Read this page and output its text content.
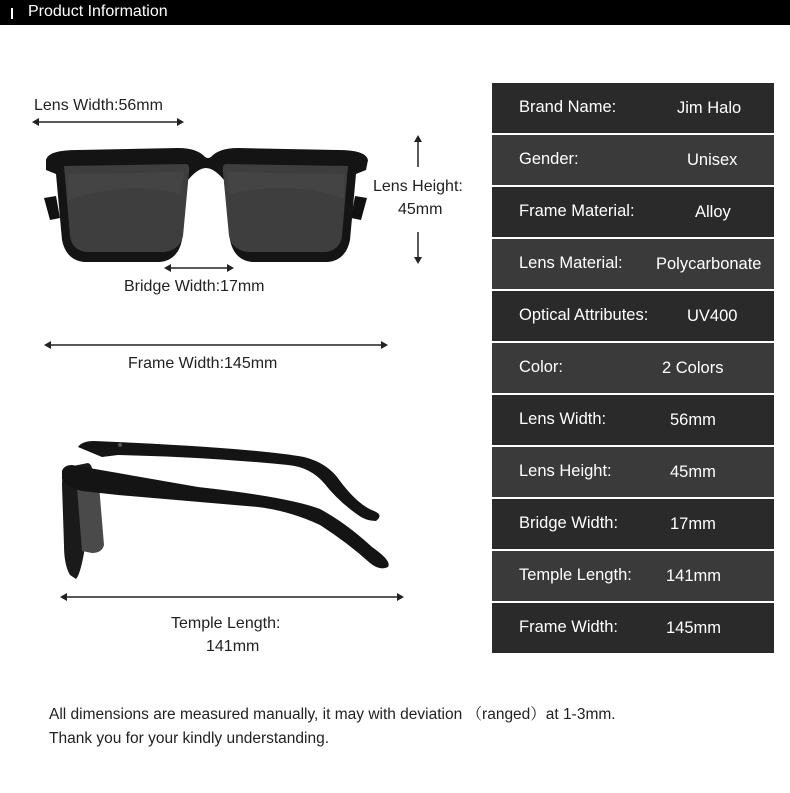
Product Information
Lens Width:56mm
Lens Height:
45mm
Bridge Width:17mm
Frame Width:145mm
Temple Length:
141mm
Brand Name:	Jim Halo
Gender:	Unisex
Frame Material:	Alloy
Lens Material: Polycarbonate
Optical Attributes: UV400
Color:	2 Colors
Lens Width:	56mm
Lens Height:	45mm
Bridge Width:	17mm
Temple Length: 141mm
Frame Width:	145mm
All dimensions are measured manually, it may with deviation （ranged）at 1-3mm.
Thank you for your kindly understanding.
